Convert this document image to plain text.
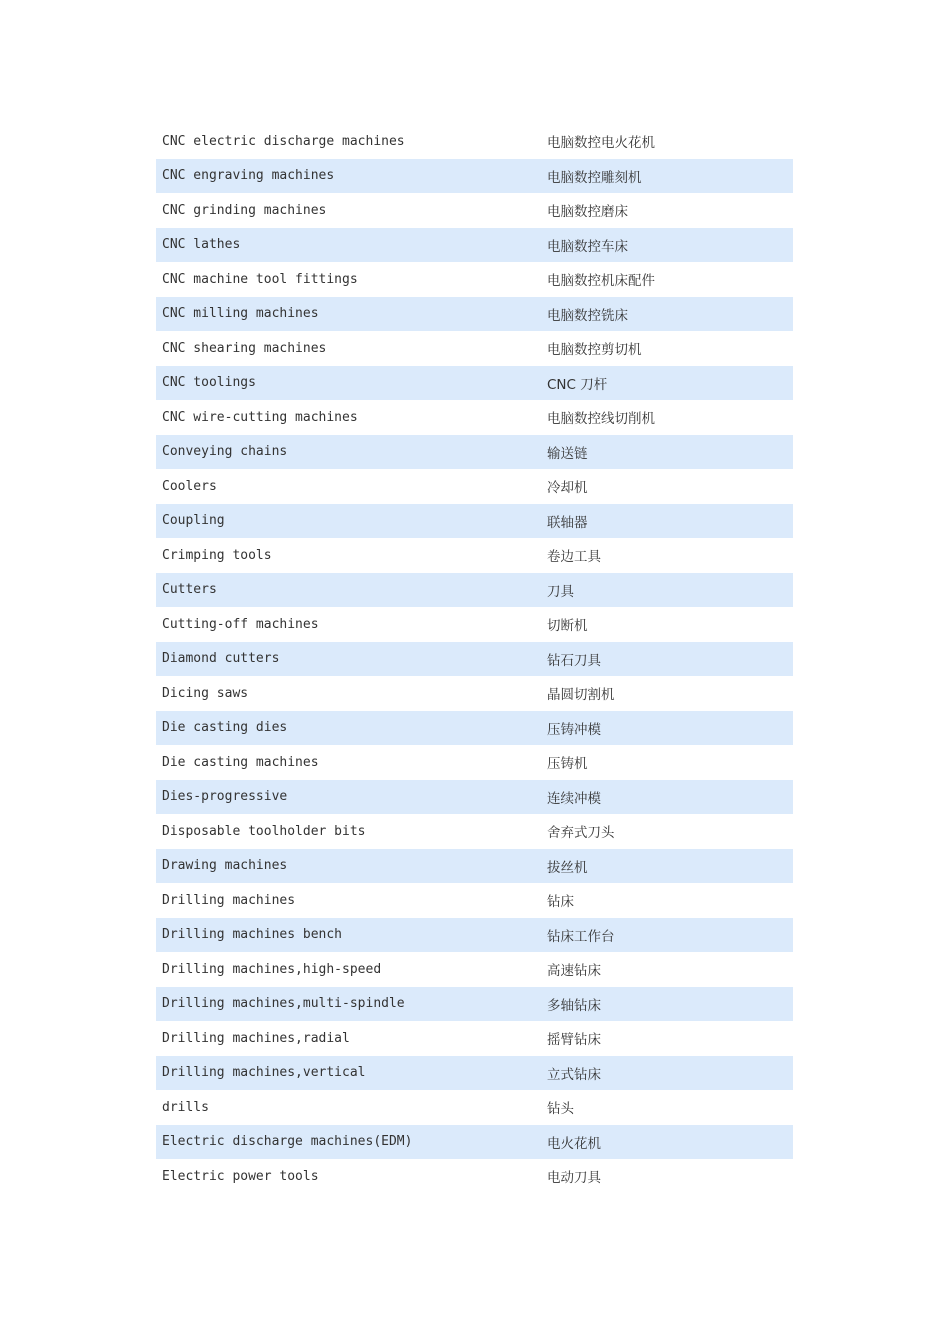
CNC electric discharge machines	电脑数控电火花机
CNC engraving machines	电脑数控雕刻机
CNC grinding machines	电脑数控磨床
CNC lathes	电脑数控车床
CNC machine tool fittings	电脑数控机床配件
CNC milling machines	电脑数控铣床
CNC shearing machines	电脑数控剪切机
CNC toolings	CNC 刀杆
CNC wire-cutting machines	电脑数控线切削机
Conveying chains	输送链
Coolers	冷却机
Coupling	联轴器
Crimping tools	卷边工具
Cutters	刀具
Cutting-off machines	切断机
Diamond cutters	钻石刀具
Dicing saws	晶圆切割机
Die casting dies	压铸冲模
Die casting machines	压铸机
Dies-progressive	连续冲模
Disposable toolholder bits	舍弃式刀头
Drawing machines	拔丝机
Drilling machines	钻床
Drilling machines bench	钻床工作台
Drilling machines,high-speed	高速钻床
Drilling machines,multi-spindle	多轴钻床
Drilling machines,radial	摇臂钻床
Drilling machines,vertical	立式钻床
drills	钻头
Electric discharge machines(EDM)	电火花机
Electric power tools	电动刀具
